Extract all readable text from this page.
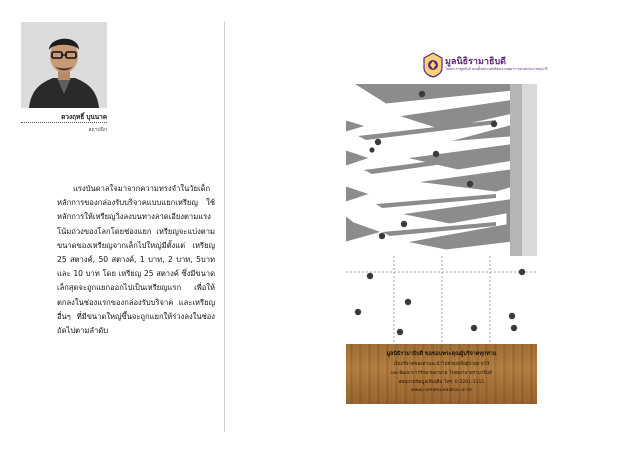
ดวงฤทธิ์ บุนนาค
สถาปนิก
แรงบันดาลใจมาจากความทรงจำในวัยเด็ก หลักการของกล่องรับบริจาคแบบแยกเหรียญ ใช้หลักการให้เหรียญวิ่งลงบนทางลาดเอียงตามแรงโน้มถ่วงของโลกโดยช่องแยก เหรียญจะแบ่งตามขนาดของเหรียญจากเล็กไปใหญ่มีตั้งแต่ เหรียญ 25 สตางค์, 50 สตางค์, 1 บาท, 2 บาท, 5บาท และ 10 บาท โดย เหรียญ 25 สตางค์ ซึ่งมีขนาดเล็กสุดจะถูกแยกออกไปเป็นเหรียญแรก เพื่อให้ตกลงในช่องแรกของกล่องรับบริจาค และเหรียญอื่นๆ ที่มีขนาดใหญ่ขึ้นจะถูกแยกให้ร่วงลงในช่องถัดไปตามลำดับ
มูลนิธิรามาธิบดี
ในพระราชูปถัมภ์ สมเด็จพระเทพรัตนราชสุดาฯ สยามบรมราชกุมารี
มูลนิธิรามาธิบดี ขอขอบพระคุณผู้บริจาคทุกท่าน
เงินบริจาคของท่านจะนำไปช่วยเหลือผู้ป่วยยากไร้
และพัฒนาการรักษาพยาบาล โรงพยาบาลรามาธิบดี
สอบถามข้อมูลเพิ่มเติม โทร. 0-2201-1111
www.ramafoundation.or.th
